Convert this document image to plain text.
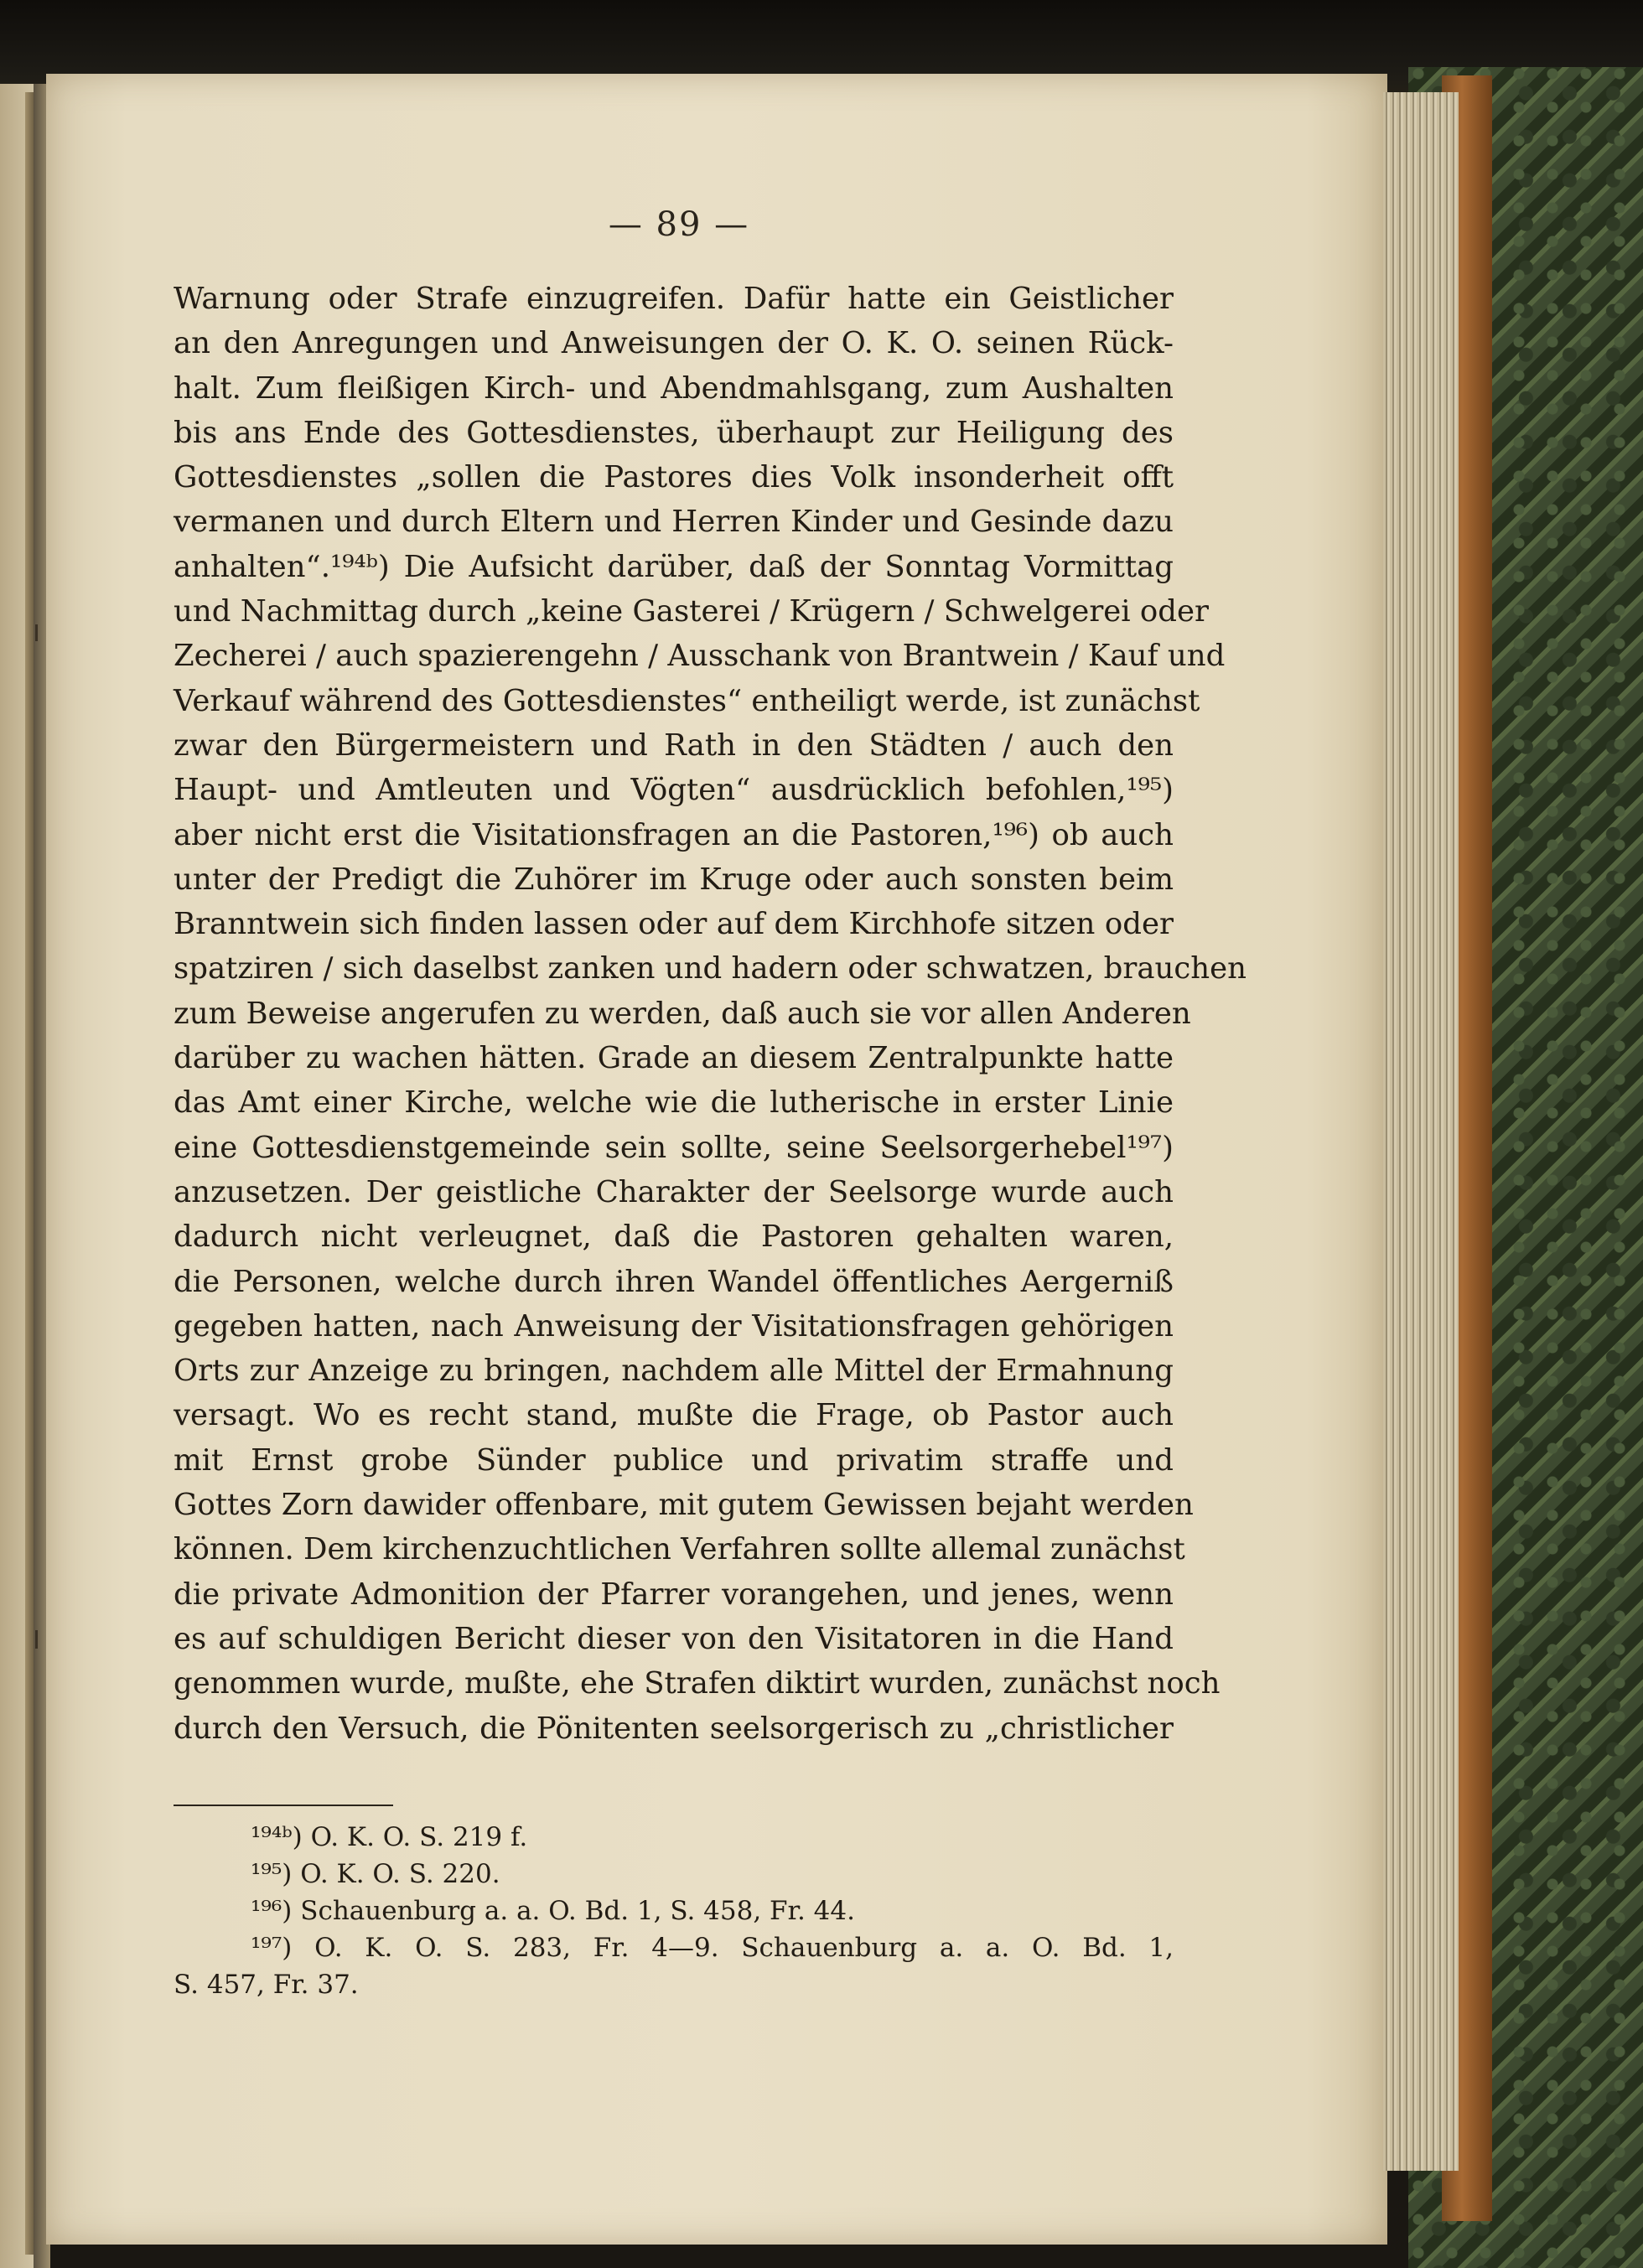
— 89 —
Warnung oder Strafe einzugreifen. Dafür hatte ein Geistlicher
an den Anregungen und Anweisungen der O. K. O. seinen Rück-
halt. Zum fleißigen Kirch- und Abendmahlsgang, zum Aushalten
bis ans Ende des Gottesdienstes, überhaupt zur Heiligung des
Gottesdienstes „sollen die Pastores dies Volk insonderheit offt
vermanen und durch Eltern und Herren Kinder und Gesinde dazu
anhalten“.¹⁹⁴ᵇ) Die Aufsicht darüber, daß der Sonntag Vormittag
und Nachmittag durch „keine Gasterei / Krügern / Schwelgerei oder
Zecherei / auch spazierengehn / Ausschank von Brantwein / Kauf und
Verkauf während des Gottesdienstes“ entheiligt werde, ist zunächst
zwar den Bürgermeistern und Rath in den Städten / auch den
Haupt- und Amtleuten und Vögten“ ausdrücklich befohlen,¹⁹⁵)
aber nicht erst die Visitationsfragen an die Pastoren,¹⁹⁶) ob auch
unter der Predigt die Zuhörer im Kruge oder auch sonsten beim
Branntwein sich finden lassen oder auf dem Kirchhofe sitzen oder
spatziren / sich daselbst zanken und hadern oder schwatzen, brauchen
zum Beweise angerufen zu werden, daß auch sie vor allen Anderen
darüber zu wachen hätten. Grade an diesem Zentralpunkte hatte
das Amt einer Kirche, welche wie die lutherische in erster Linie
eine Gottesdienstgemeinde sein sollte, seine Seelsorgerhebel¹⁹⁷)
anzusetzen. Der geistliche Charakter der Seelsorge wurde auch
dadurch nicht verleugnet, daß die Pastoren gehalten waren,
die Personen, welche durch ihren Wandel öffentliches Aergerniß
gegeben hatten, nach Anweisung der Visitationsfragen gehörigen
Orts zur Anzeige zu bringen, nachdem alle Mittel der Ermahnung
versagt. Wo es recht stand, mußte die Frage, ob Pastor auch
mit Ernst grobe Sünder publice und privatim straffe und
Gottes Zorn dawider offenbare, mit gutem Gewissen bejaht werden
können. Dem kirchenzuchtlichen Verfahren sollte allemal zunächst
die private Admonition der Pfarrer vorangehen, und jenes, wenn
es auf schuldigen Bericht dieser von den Visitatoren in die Hand
genommen wurde, mußte, ehe Strafen diktirt wurden, zunächst noch
durch den Versuch, die Pönitenten seelsorgerisch zu „christlicher
¹⁹⁴ᵇ) O. K. O. S. 219 f.
¹⁹⁵) O. K. O. S. 220.
¹⁹⁶) Schauenburg a. a. O. Bd. 1, S. 458, Fr. 44.
¹⁹⁷) O. K. O. S. 283, Fr. 4—9. Schauenburg a. a. O. Bd. 1,
S. 457, Fr. 37.
